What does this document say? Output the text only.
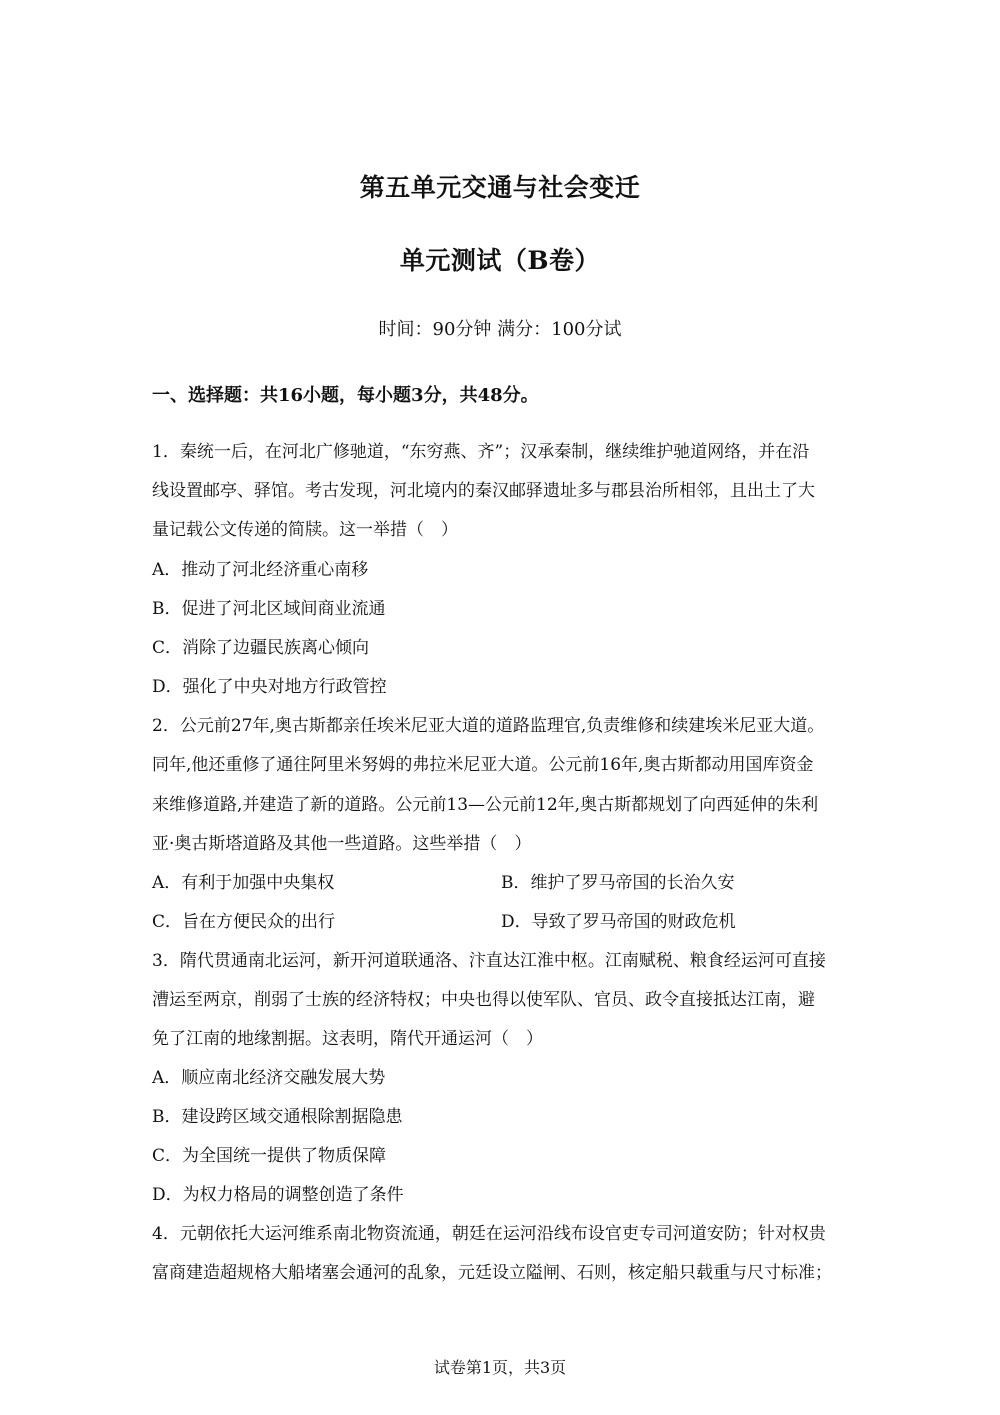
第五单元交通与社会变迁
单元测试（B卷）
时间：90分钟 满分：100分试
一、选择题：共16小题，每小题3分，共48分。
1．秦统一后，在河北广修驰道，“东穷燕、齐”；汉承秦制，继续维护驰道网络，并在沿
线设置邮亭、驿馆。考古发现，河北境内的秦汉邮驿遗址多与郡县治所相邻，且出土了大
量记载公文传递的简牍。这一举措（　）
A．推动了河北经济重心南移
B．促进了河北区域间商业流通
C．消除了边疆民族离心倾向
D．强化了中央对地方行政管控
2．公元前27年,奥古斯都亲任埃米尼亚大道的道路监理官,负责维修和续建埃米尼亚大道。
同年,他还重修了通往阿里米努姆的弗拉米尼亚大道。公元前16年,奥古斯都动用国库资金
来维修道路,并建造了新的道路。公元前13—公元前12年,奥古斯都规划了向西延伸的朱利
亚·奥古斯塔道路及其他一些道路。这些举措（　）
A．有利于加强中央集权	B．维护了罗马帝国的长治久安
C．旨在方便民众的出行	D．导致了罗马帝国的财政危机
3．隋代贯通南北运河，新开河道联通洛、汴直达江淮中枢。江南赋税、粮食经运河可直接
漕运至两京，削弱了士族的经济特权；中央也得以使军队、官员、政令直接抵达江南，避
免了江南的地缘割据。这表明，隋代开通运河（　）
A．顺应南北经济交融发展大势
B．建设跨区域交通根除割据隐患
C．为全国统一提供了物质保障
D．为权力格局的调整创造了条件
4．元朝依托大运河维系南北物资流通，朝廷在运河沿线布设官吏专司河道安防；针对权贵
富商建造超规格大船堵塞会通河的乱象，元廷设立隘闸、石则，核定船只载重与尺寸标准；
试卷第1页，共3页
